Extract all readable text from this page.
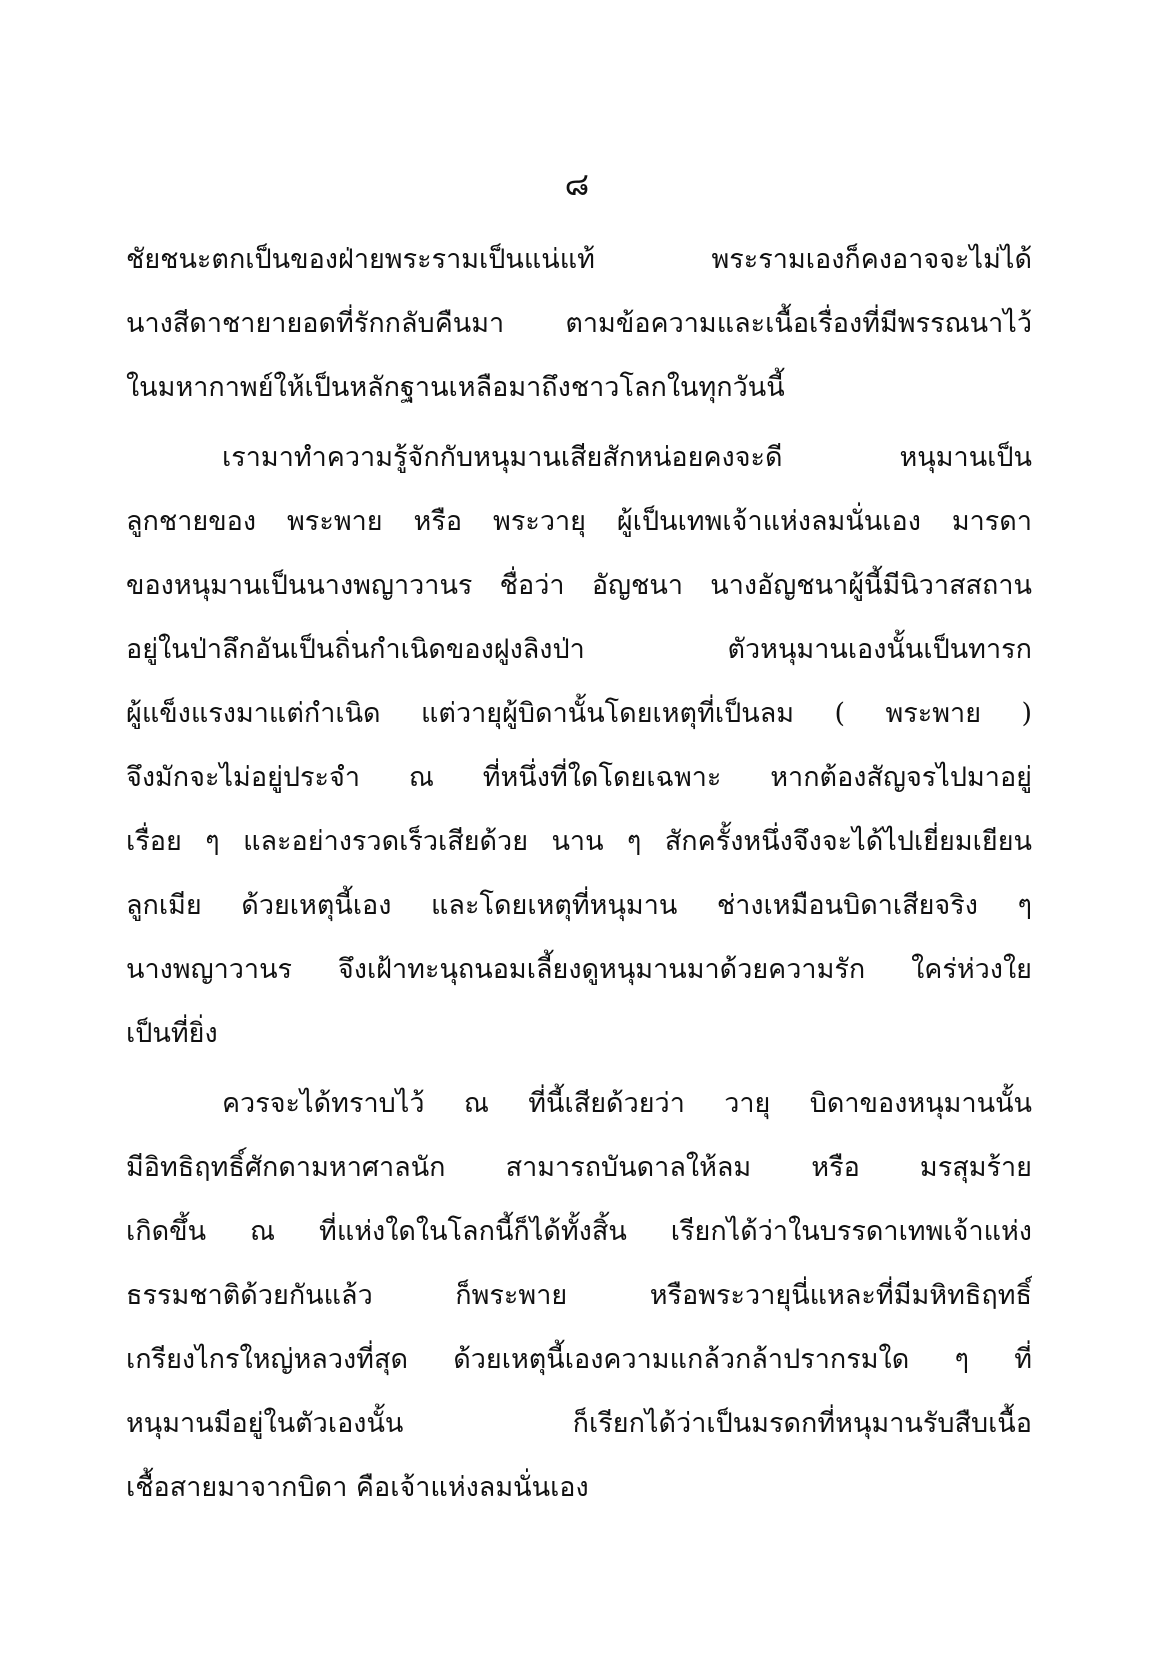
๘
ชัยชนะตกเป็นของฝ่ายพระรามเป็นแน่แท้ พระรามเองก็คงอาจจะไม่ได้
นางสีดาชายายอดที่รักกลับคืนมา ตามข้อความและเนื้อเรื่องที่มีพรรณนาไว้
ในมหากาพย์ให้เป็นหลักฐานเหลือมาถึงชาวโลกในทุกวันนี้
เรามาทำความรู้จักกับหนุมานเสียสักหน่อยคงจะดี หนุมานเป็น
ลูกชายของ พระพาย หรือ พระวายุ ผู้เป็นเทพเจ้าแห่งลมนั่นเอง มารดา
ของหนุมานเป็นนางพญาวานร ชื่อว่า อัญชนา นางอัญชนาผู้นี้มีนิวาสสถาน
อยู่ในป่าลึกอันเป็นถิ่นกำเนิดของฝูงลิงป่า ตัวหนุมานเองนั้นเป็นทารก
ผู้แข็งแรงมาแต่กำเนิด แต่วายุผู้บิดานั้นโดยเหตุที่เป็นลม ( พระพาย )
จึงมักจะไม่อยู่ประจำ ณ ที่หนึ่งที่ใดโดยเฉพาะ หากต้องสัญจรไปมาอยู่
เรื่อย ๆ และอย่างรวดเร็วเสียด้วย นาน ๆ สักครั้งหนึ่งจึงจะได้ไปเยี่ยมเยียน
ลูกเมีย ด้วยเหตุนี้เอง และโดยเหตุที่หนุมาน ช่างเหมือนบิดาเสียจริง ๆ
นางพญาวานร จึงเฝ้าทะนุถนอมเลี้ยงดูหนุมานมาด้วยความรัก ใคร่ห่วงใย
เป็นที่ยิ่ง
ควรจะได้ทราบไว้ ณ ที่นี้เสียด้วยว่า วายุ บิดาของหนุมานนั้น
มีอิทธิฤทธิ์ศักดามหาศาลนัก สามารถบันดาลให้ลม หรือ มรสุมร้าย
เกิดขึ้น ณ ที่แห่งใดในโลกนี้ก็ได้ทั้งสิ้น เรียกได้ว่าในบรรดาเทพเจ้าแห่ง
ธรรมชาติด้วยกันแล้ว ก็พระพาย หรือพระวายุนี่แหละที่มีมหิทธิฤทธิ์
เกรียงไกรใหญ่หลวงที่สุด ด้วยเหตุนี้เองความแกล้วกล้าปรากรมใด ๆ ที่
หนุมานมีอยู่ในตัวเองนั้น ก็เรียกได้ว่าเป็นมรดกที่หนุมานรับสืบเนื้อ
เชื้อสายมาจากบิดา คือเจ้าแห่งลมนั่นเอง
